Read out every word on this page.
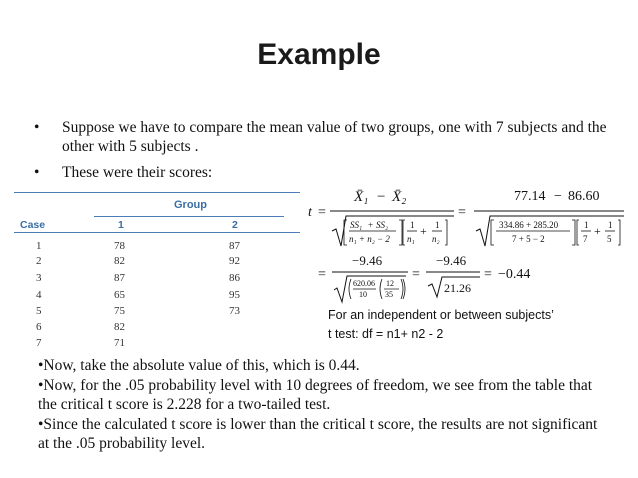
Example
• Suppose we have to compare the mean value of two groups, one with 7 subjects and the other with 5 subjects .
• These were their scores:
Group
Case	1	2
1	78	87
2	82	92
3	87	86
4	65	95
5	75	73
6	82
7	71
t =
X̄₁ − X̄₂
SS₁ + SS₂
n₁ + n₂ − 2
1
n₁
+ 1
n₂
=
77.14 − 86.60
334.86 + 285.20
7 + 5 − 2
1
7
+ 1
5
=
−9.46
620.06
10
12
35
=
−9.46
21.26
= −0.44
For an independent or between subjects’
t test: df = n1+ n2 - 2

•Now, take the absolute value of this, which is 0.44.

•Now, for the .05 probability level with 10 degrees of freedom, we see from the table that the critical t score is 2.228 for a two-tailed test.

•Since the calculated t score is lower than the critical t score, the results are not significant at the .05 probability level.
